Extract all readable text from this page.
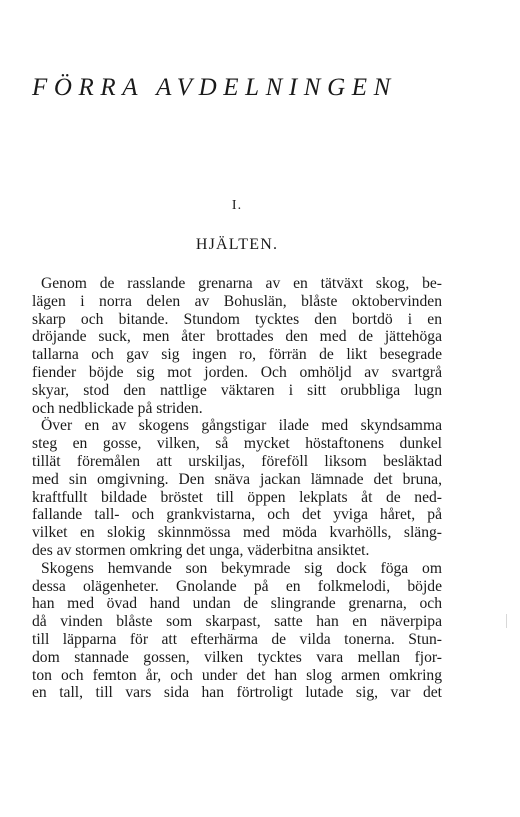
FÖRRA AVDELNINGEN
I.
HJÄLTEN.
Genom de rasslande grenarna av en tätväxt skog, be-
lägen i norra delen av Bohuslän, blåste oktobervinden
skarp och bitande. Stundom tycktes den bortdö i en
dröjande suck, men åter brottades den med de jättehöga
tallarna och gav sig ingen ro, förrän de likt besegrade
fiender böjde sig mot jorden. Och omhöljd av svartgrå
skyar, stod den nattlige väktaren i sitt orubbliga lugn
och nedblickade på striden.
Över en av skogens gångstigar ilade med skyndsamma
steg en gosse, vilken, så mycket höstaftonens dunkel
tillät föremålen att urskiljas, föreföll liksom besläktad
med sin omgivning. Den snäva jackan lämnade det bruna,
kraftfullt bildade bröstet till öppen lekplats åt de ned-
fallande tall- och grankvistarna, och det yviga håret, på
vilket en slokig skinnmössa med möda kvarhölls, släng-
des av stormen omkring det unga, väderbitna ansiktet.
Skogens hemvande son bekymrade sig dock föga om
dessa olägenheter. Gnolande på en folkmelodi, böjde
han med övad hand undan de slingrande grenarna, och
då vinden blåste som skarpast, satte han en näverpipa
till läpparna för att efterhärma de vilda tonerna. Stun-
dom stannade gossen, vilken tycktes vara mellan fjor-
ton och femton år, och under det han slog armen omkring
en tall, till vars sida han förtroligt lutade sig, var det
